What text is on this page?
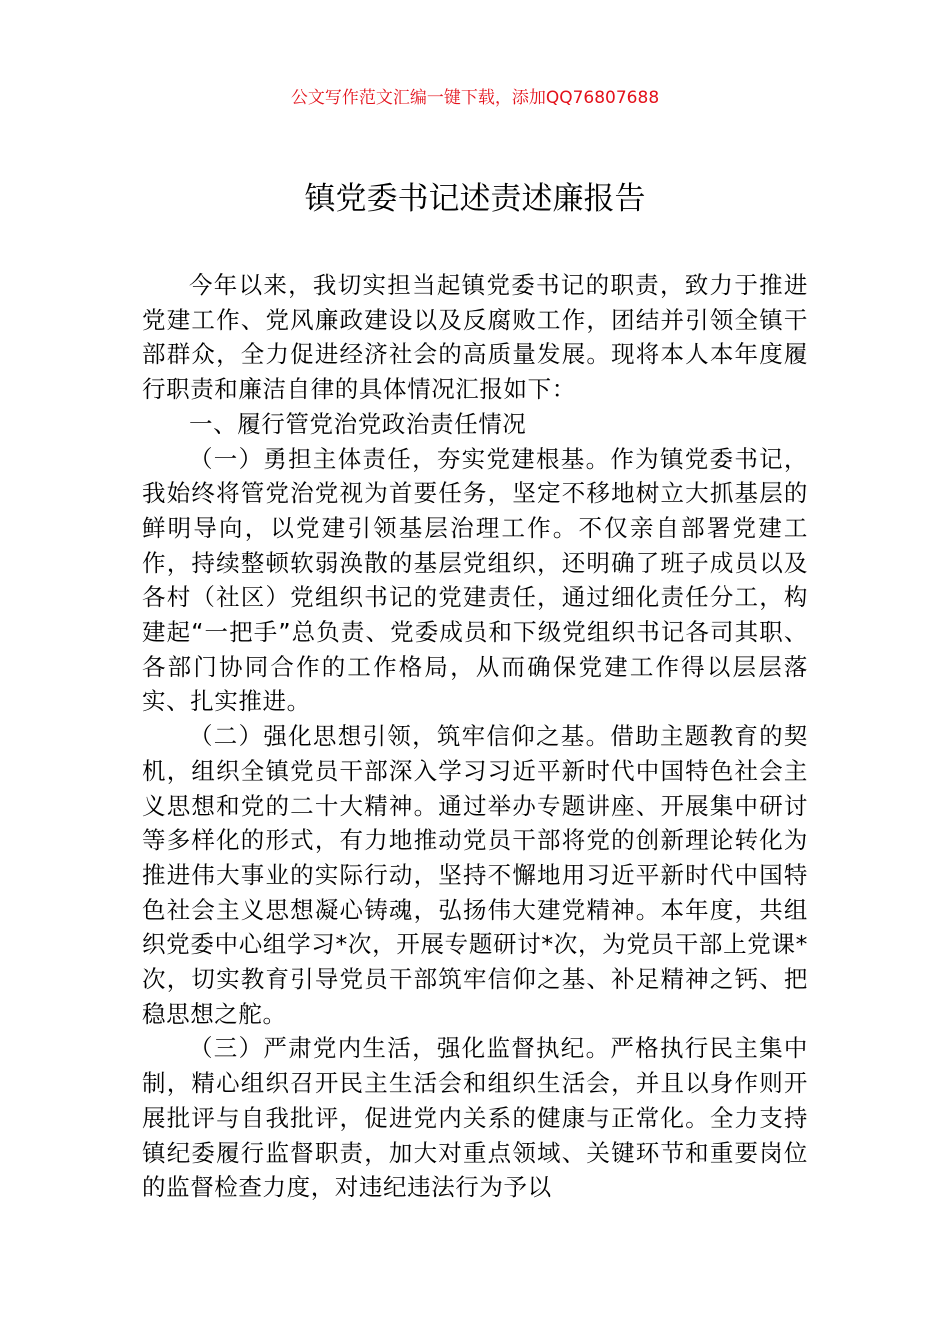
公文写作范文汇编一键下载，添加QQ76807688
镇党委书记述责述廉报告

今年以来，我切实担当起镇党委书记的职责，致力于推进党建工作、党风廉政建设以及反腐败工作，团结并引领全镇干部群众，全力促进经济社会的高质量发展。现将本人本年度履行职责和廉洁自律的具体情况汇报如下：

一、履行管党治党政治责任情况

（一）勇担主体责任，夯实党建根基。作为镇党委书记，我始终将管党治党视为首要任务，坚定不移地树立大抓基层的鲜明导向，以党建引领基层治理工作。不仅亲自部署党建工作，持续整顿软弱涣散的基层党组织，还明确了班子成员以及各村（社区）党组织书记的党建责任，通过细化责任分工，构建起“一把手”总负责、党委成员和下级党组织书记各司其职、各部门协同合作的工作格局，从而确保党建工作得以层层落实、扎实推进。

（二）强化思想引领，筑牢信仰之基。借助主题教育的契机，组织全镇党员干部深入学习习近平新时代中国特色社会主义思想和党的二十大精神。通过举办专题讲座、开展集中研讨等多样化的形式，有力地推动党员干部将党的创新理论转化为推进伟大事业的实际行动，坚持不懈地用习近平新时代中国特色社会主义思想凝心铸魂，弘扬伟大建党精神。本年度，共组织党委中心组学习*次，开展专题研讨*次，为党员干部上党课*次，切实教育引导党员干部筑牢信仰之基、补足精神之钙、把稳思想之舵。

（三）严肃党内生活，强化监督执纪。严格执行民主集中制，精心组织召开民主生活会和组织生活会，并且以身作则开展批评与自我批评，促进党内关系的健康与正常化。全力支持镇纪委履行监督职责，加大对重点领域、关键环节和重要岗位的监督检查力度，对违纪违法行为予以
